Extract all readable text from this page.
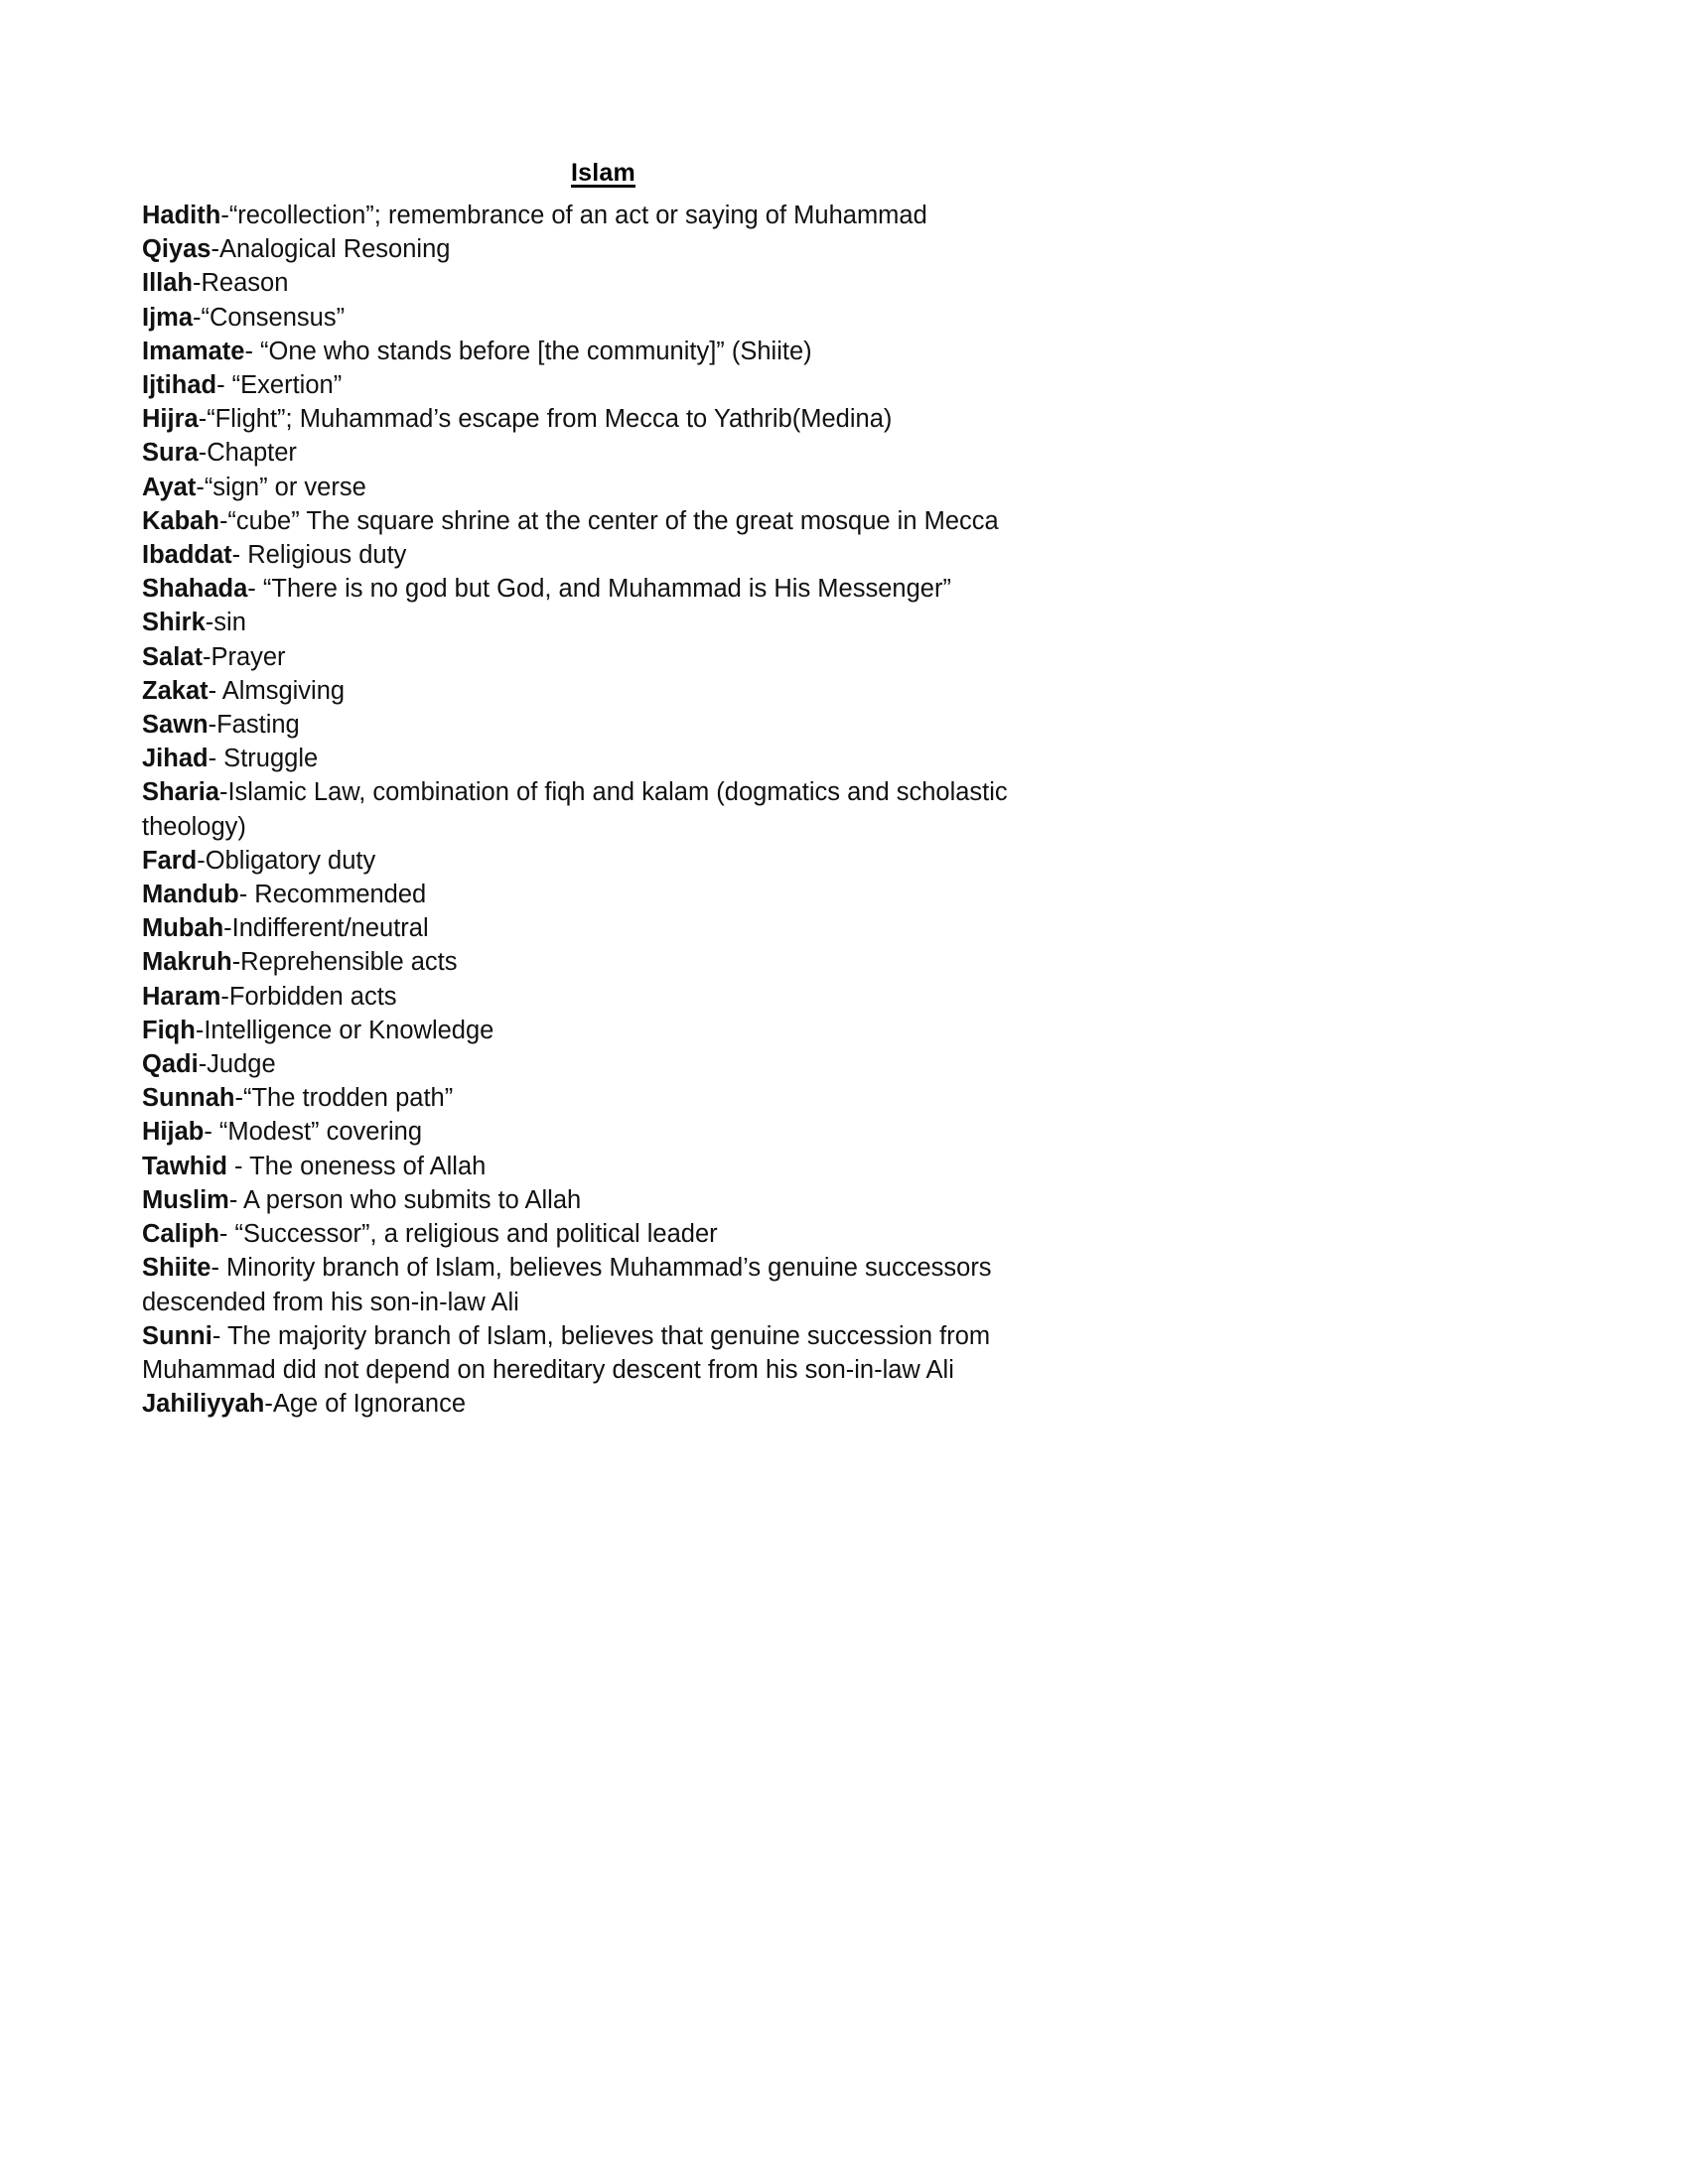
Islam

Hadith-“recollection”; remembrance of an act or saying of Muhammad

Qiyas-Analogical Resoning

Illah-Reason

Ijma-“Consensus”

Imamate- “One who stands before [the community]” (Shiite)

Ijtihad- “Exertion”

Hijra-“Flight”; Muhammad’s escape from Mecca to Yathrib(Medina)

Sura-Chapter

Ayat-“sign” or verse

Kabah-“cube” The square shrine at the center of the great mosque in Mecca

Ibaddat- Religious duty

Shahada- “There is no god but God, and Muhammad is His Messenger”

Shirk-sin

Salat-Prayer

Zakat- Almsgiving

Sawn-Fasting

Jihad- Struggle

Sharia-Islamic Law, combination of fiqh and kalam (dogmatics and scholastic theology)

Fard-Obligatory duty

Mandub- Recommended

Mubah-Indifferent/neutral

Makruh-Reprehensible acts

Haram-Forbidden acts

Fiqh-Intelligence or Knowledge

Qadi-Judge

Sunnah-“The trodden path”

Hijab- “Modest” covering

Tawhid - The oneness of Allah

Muslim- A person who submits to Allah

Caliph- “Successor”, a religious and political leader

Shiite- Minority branch of Islam, believes Muhammad’s genuine successors descended from his son-in-law Ali

Sunni- The majority branch of Islam, believes that genuine succession from Muhammad did not depend on hereditary descent from his son-in-law Ali

Jahiliyyah-Age of Ignorance
